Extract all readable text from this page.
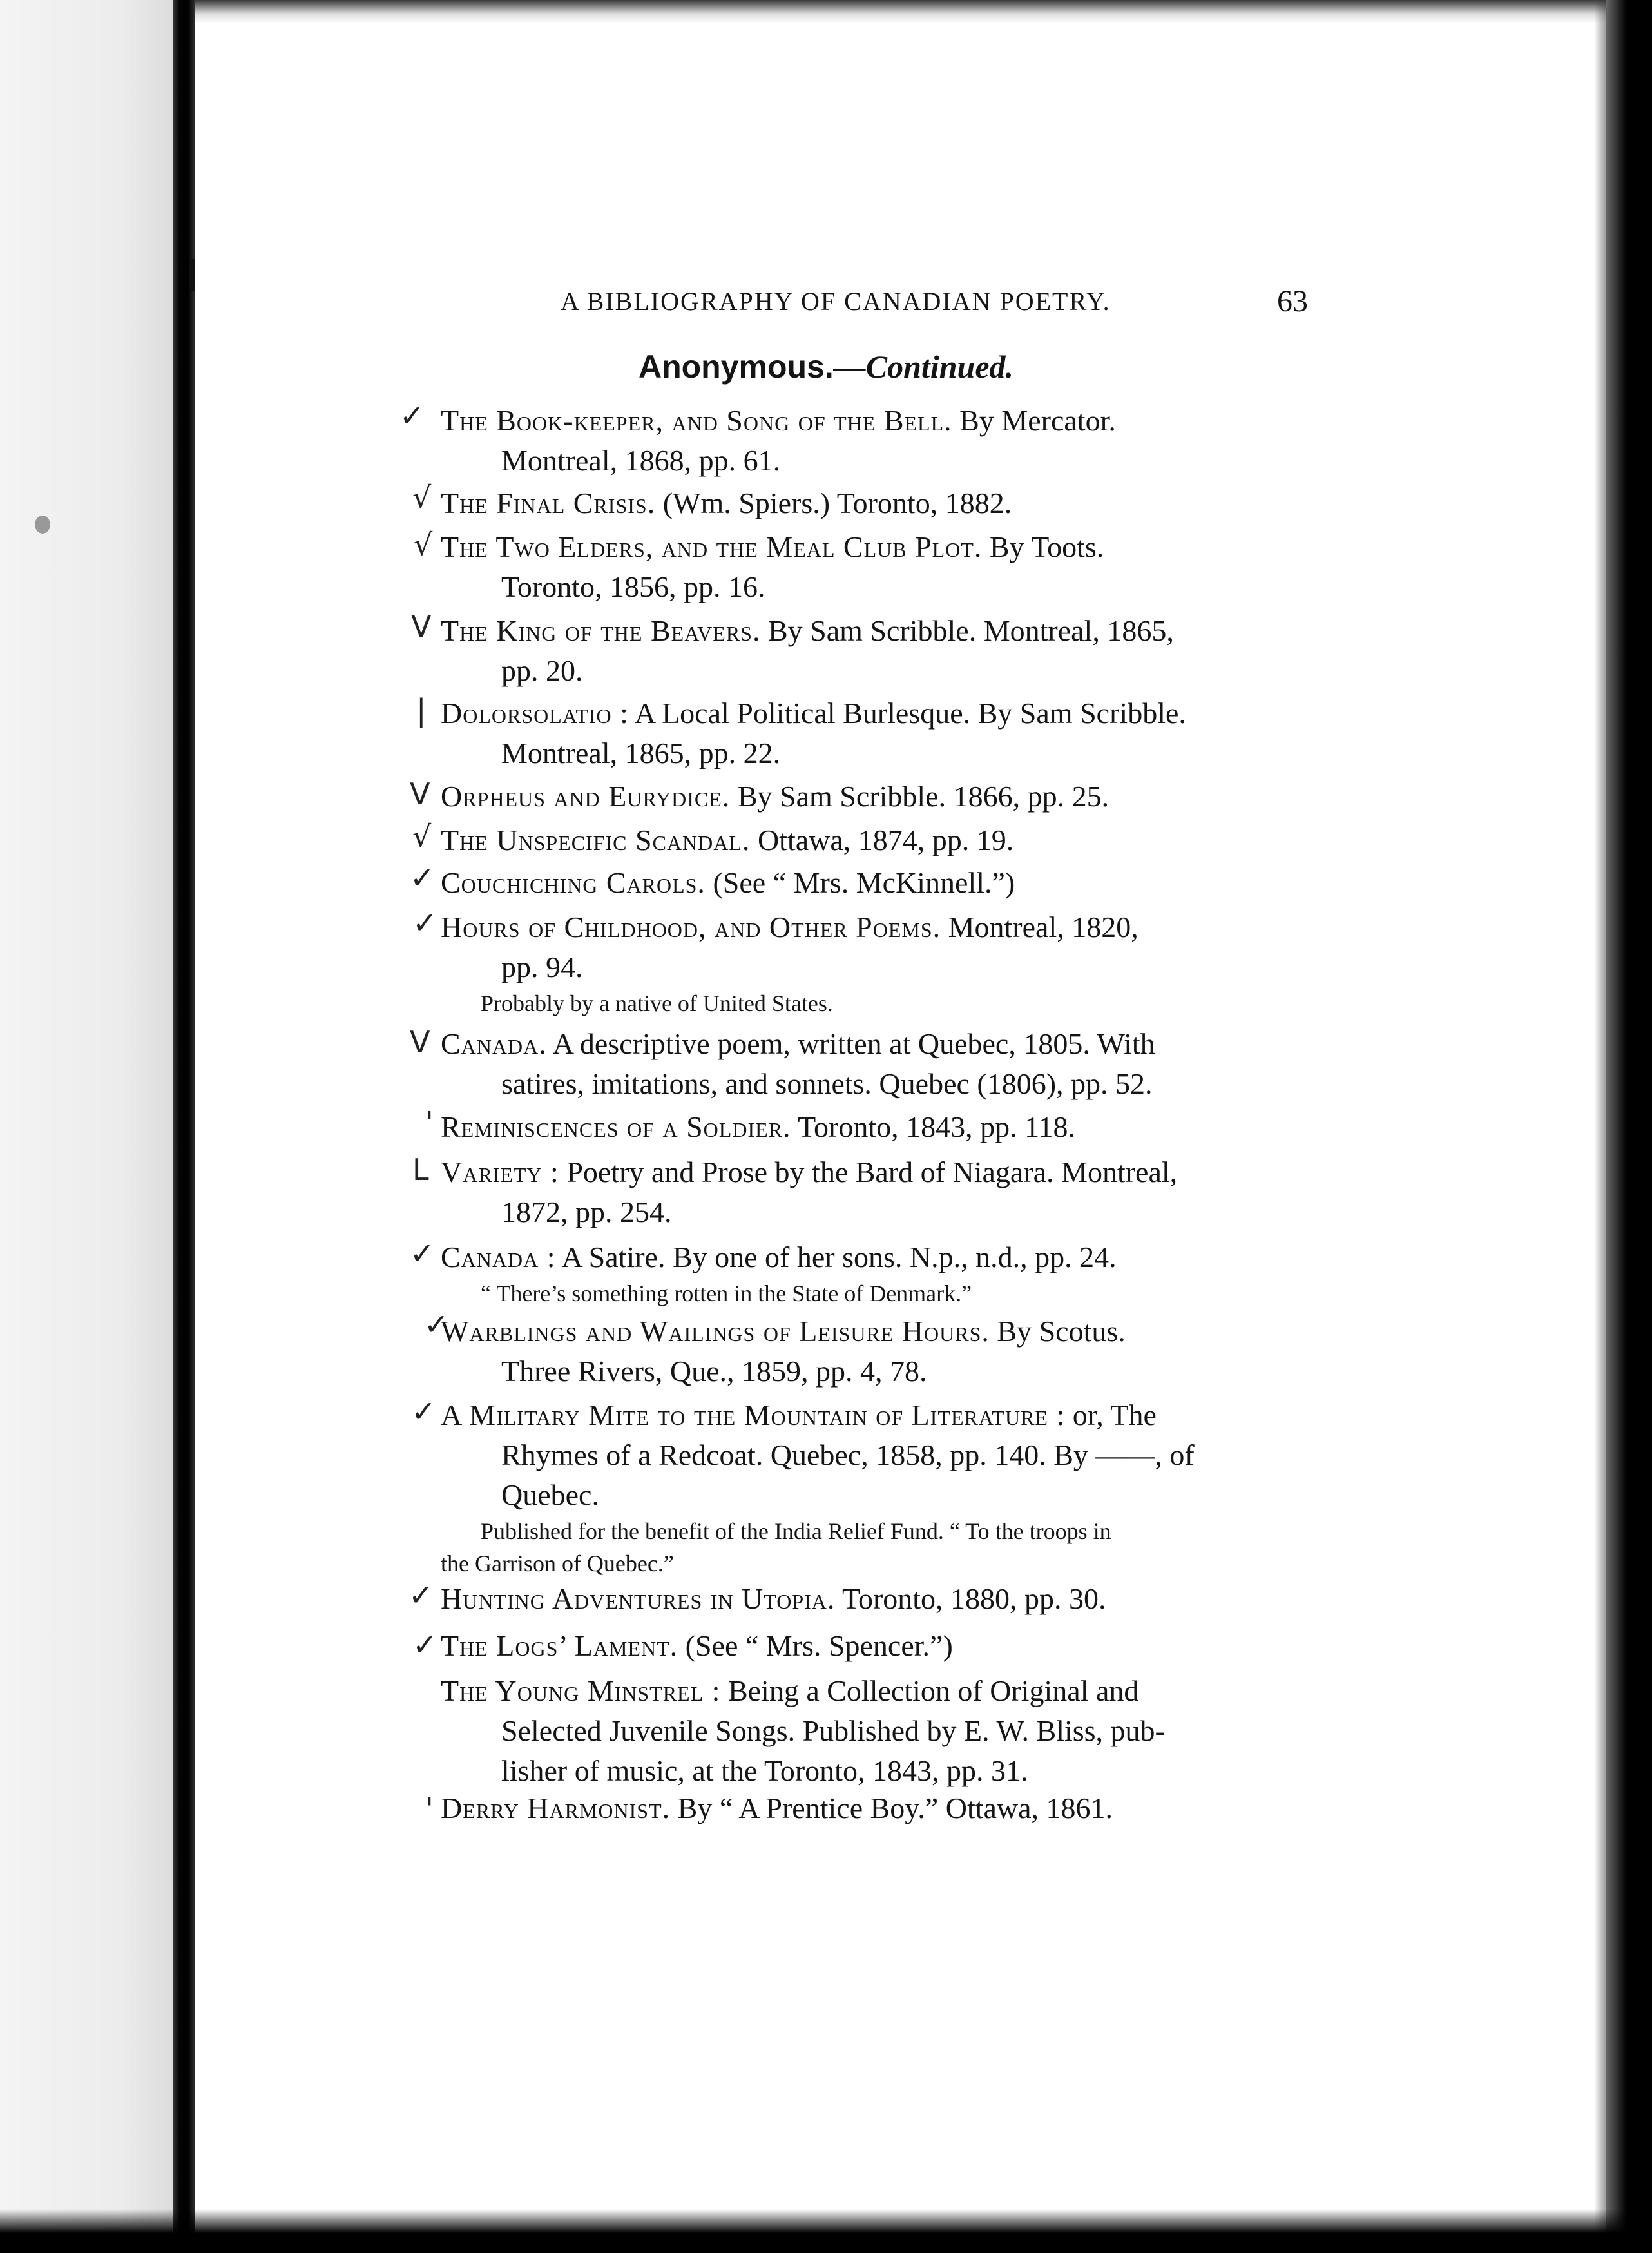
A BIBLIOGRAPHY OF CANADIAN POETRY.	63
Anonymous.—Continued.
✓
√
√
V
|
V
√
✓
✓
V
'
L
✓
✓
✓
✓
✓
'
The Book-keeper, and Song of the Bell. By Mercator.
Montreal, 1868, pp. 61.
The Final Crisis. (Wm. Spiers.) Toronto, 1882.
The Two Elders, and the Meal Club Plot. By Toots.
Toronto, 1856, pp. 16.
The King of the Beavers. By Sam Scribble. Montreal, 1865,
pp. 20.
Dolorsolatio : A Local Political Burlesque. By Sam Scribble.
Montreal, 1865, pp. 22.
Orpheus and Eurydice. By Sam Scribble. 1866, pp. 25.
The Unspecific Scandal. Ottawa, 1874, pp. 19.
Couchiching Carols. (See “ Mrs. McKinnell.”)
Hours of Childhood, and Other Poems. Montreal, 1820,
pp. 94.
Probably by a native of United States.
Canada. A descriptive poem, written at Quebec, 1805. With
satires, imitations, and sonnets. Quebec (1806), pp. 52.
Reminiscences of a Soldier. Toronto, 1843, pp. 118.
Variety : Poetry and Prose by the Bard of Niagara. Montreal,
1872, pp. 254.
Canada : A Satire. By one of her sons. N.p., n.d., pp. 24.
“ There’s something rotten in the State of Denmark.”
Warblings and Wailings of Leisure Hours. By Scotus.
Three Rivers, Que., 1859, pp. 4, 78.
A Military Mite to the Mountain of Literature : or, The
Rhymes of a Redcoat. Quebec, 1858, pp. 140. By ——, of
Quebec.
Published for the benefit of the India Relief Fund. “ To the troops in
the Garrison of Quebec.”
Hunting Adventures in Utopia. Toronto, 1880, pp. 30.
The Logs’ Lament. (See “ Mrs. Spencer.”)
The Young Minstrel : Being a Collection of Original and
Selected Juvenile Songs. Published by E. W. Bliss, pub-
lisher of music, at the Toronto, 1843, pp. 31.
Derry Harmonist. By “ A Prentice Boy.” Ottawa, 1861.
